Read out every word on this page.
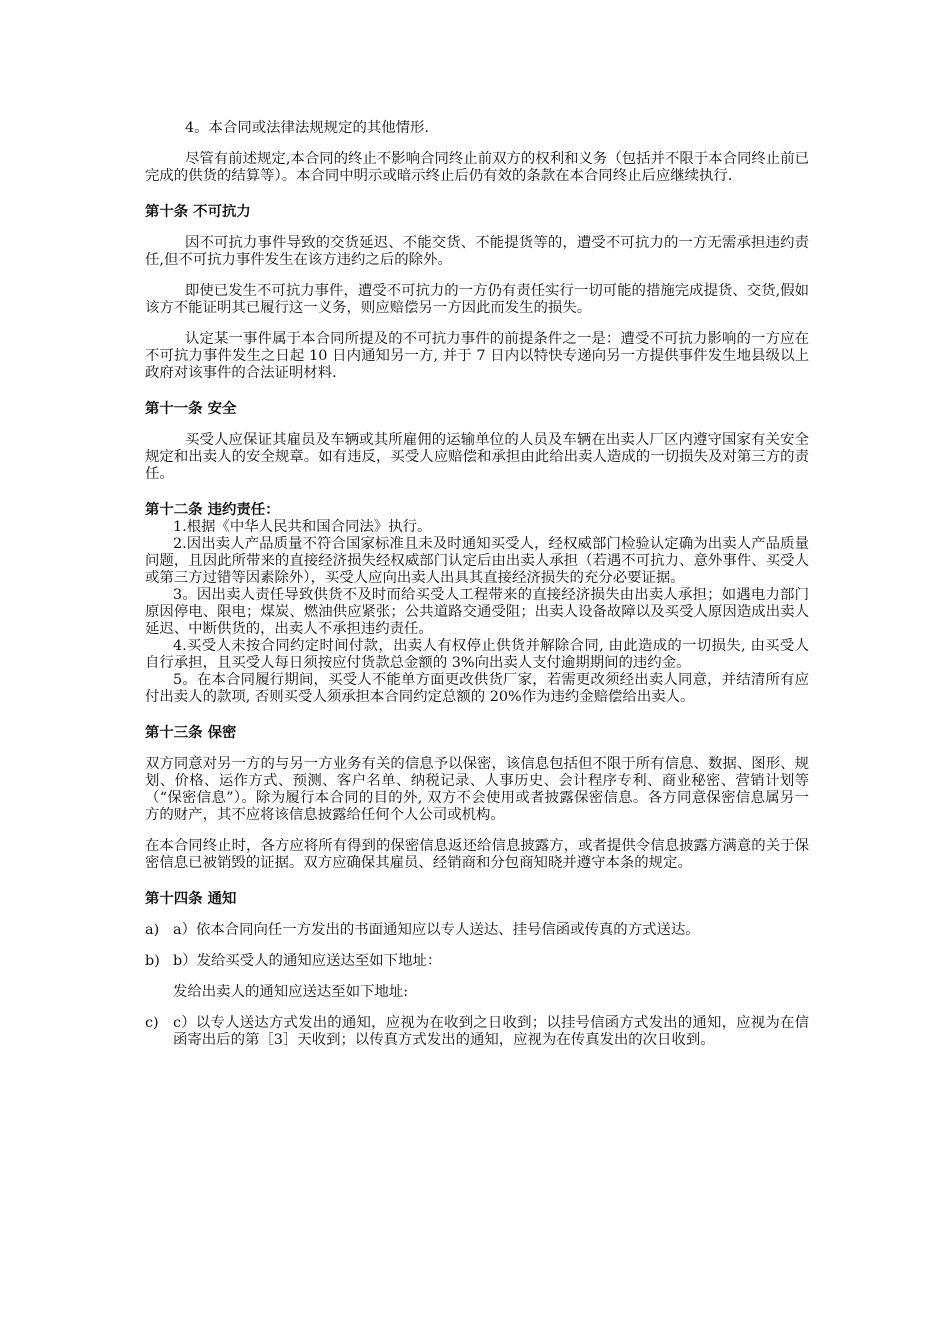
4。本合同或法律法规规定的其他情形.

尽管有前述规定,本合同的终止不影响合同终止前双方的权利和义务（包括并不限于本合同终止前已完成的供货的结算等）。本合同中明示或暗示终止后仍有效的条款在本合同终止后应继续执行.

第十条 不可抗力

因不可抗力事件导致的交货延迟、不能交货、不能提货等的，遭受不可抗力的一方无需承担违约责任,但不可抗力事件发生在该方违约之后的除外。

即使已发生不可抗力事件，遭受不可抗力的一方仍有责任实行一切可能的措施完成提货、交货,假如该方不能证明其已履行这一义务，则应赔偿另一方因此而发生的损失。

认定某一事件属于本合同所提及的不可抗力事件的前提条件之一是：遭受不可抗力影响的一方应在不可抗力事件发生之日起 10 日内通知另一方, 并于 7 日内以特快专递向另一方提供事件发生地县级以上政府对该事件的合法证明材料.

第十一条 安全

买受人应保证其雇员及车辆或其所雇佣的运输单位的人员及车辆在出卖人厂区内遵守国家有关安全规定和出卖人的安全规章。如有违反，买受人应赔偿和承担由此给出卖人造成的一切损失及对第三方的责任。

第十二条 违约责任：

1.根据《中华人民共和国合同法》执行。

2.因出卖人产品质量不符合国家标准且未及时通知买受人，经权威部门检验认定确为出卖人产品质量问题，且因此所带来的直接经济损失经权威部门认定后由出卖人承担（若遇不可抗力、意外事件、买受人或第三方过错等因素除外），买受人应向出卖人出具其直接经济损失的充分必要证据。

3。因出卖人责任导致供货不及时而给买受人工程带来的直接经济损失由出卖人承担；如遇电力部门原因停电、限电；煤炭、燃油供应紧张；公共道路交通受阻；出卖人设备故障以及买受人原因造成出卖人延迟、中断供货的，出卖人不承担违约责任。

4.买受人未按合同约定时间付款，出卖人有权停止供货并解除合同, 由此造成的一切损失, 由买受人自行承担，且买受人每日须按应付货款总金额的 3%向出卖人支付逾期期间的违约金。

5。在本合同履行期间，买受人不能单方面更改供货厂家，若需更改须经出卖人同意，并结清所有应付出卖人的款项, 否则买受人须承担本合同约定总额的 20%作为违约金赔偿给出卖人。

第十三条 保密

双方同意对另一方的与另一方业务有关的信息予以保密，该信息包括但不限于所有信息、数据、图形、规划、价格、运作方式、预测、客户名单、纳税记录、人事历史、会计程序专利、商业秘密、营销计划等（“保密信息”）。除为履行本合同的目的外, 双方不会使用或者披露保密信息。各方同意保密信息属另一方的财产，其不应将该信息披露给任何个人公司或机构。

在本合同终止时，各方应将所有得到的保密信息返还给信息披露方，或者提供令信息披露方满意的关于保密信息已被销毁的证据。双方应确保其雇员、经销商和分包商知晓并遵守本条的规定。

第十四条 通知

a) a）依本合同向任一方发出的书面通知应以专人送达、挂号信函或传真的方式送达。

b) b）发给买受人的通知应送达至如下地址：

发给出卖人的通知应送达至如下地址:

c) c）以专人送达方式发出的通知，应视为在收到之日收到；以挂号信函方式发出的通知，应视为在信函寄出后的第［3］天收到；以传真方式发出的通知，应视为在传真发出的次日收到。
